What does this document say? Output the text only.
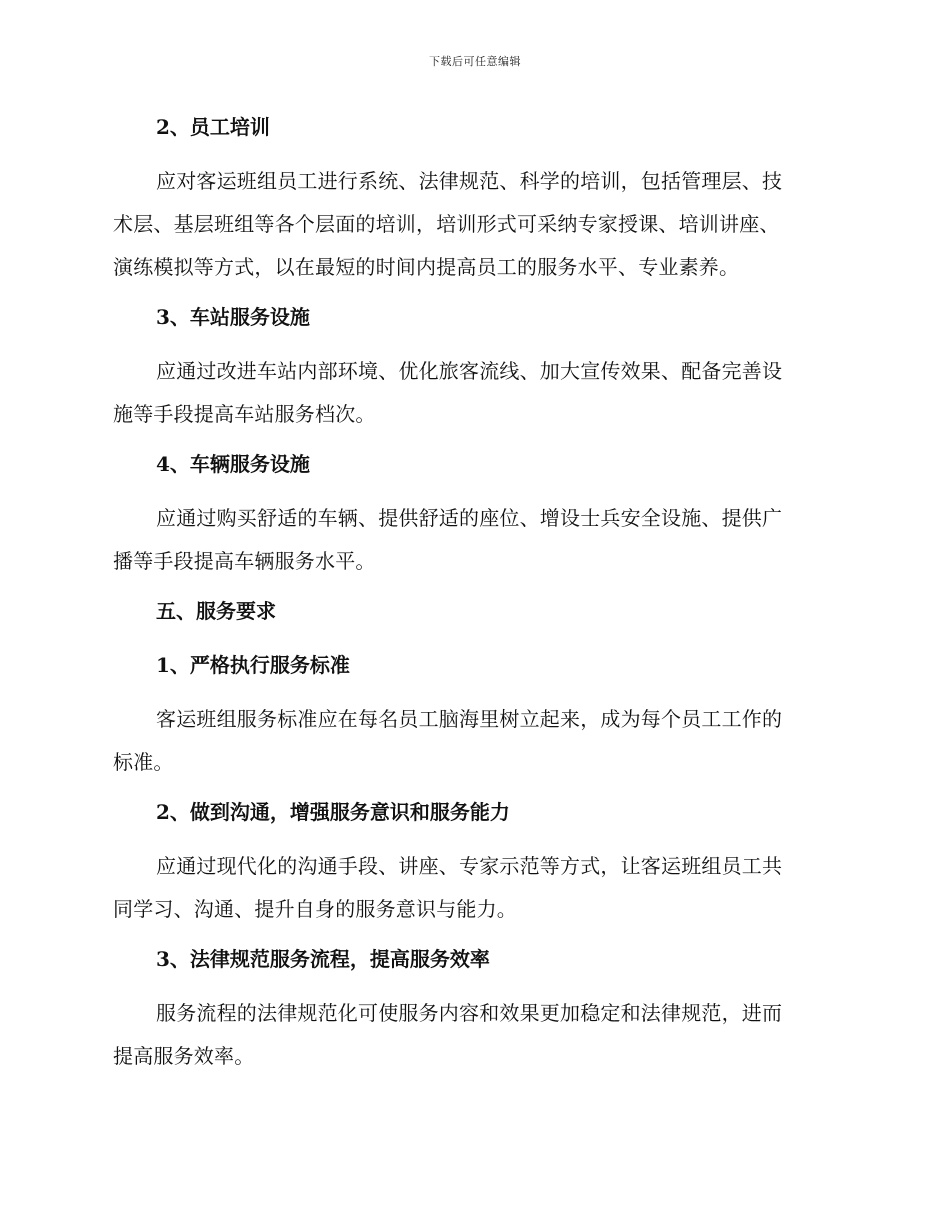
下载后可任意编辑
2、员工培训
应对客运班组员工进行系统、法律规范、科学的培训，包括管理层、技
术层、基层班组等各个层面的培训，培训形式可采纳专家授课、培训讲座、
演练模拟等方式，以在最短的时间内提高员工的服务水平、专业素养。
3、车站服务设施
应通过改进车站内部环境、优化旅客流线、加大宣传效果、配备完善设
施等手段提高车站服务档次。
4、车辆服务设施
应通过购买舒适的车辆、提供舒适的座位、增设士兵安全设施、提供广
播等手段提高车辆服务水平。
五、服务要求
1、严格执行服务标准
客运班组服务标准应在每名员工脑海里树立起来，成为每个员工工作的
标准。
2、做到沟通，增强服务意识和服务能力
应通过现代化的沟通手段、讲座、专家示范等方式，让客运班组员工共
同学习、沟通、提升自身的服务意识与能力。
3、法律规范服务流程，提高服务效率
服务流程的法律规范化可使服务内容和效果更加稳定和法律规范，进而
提高服务效率。
